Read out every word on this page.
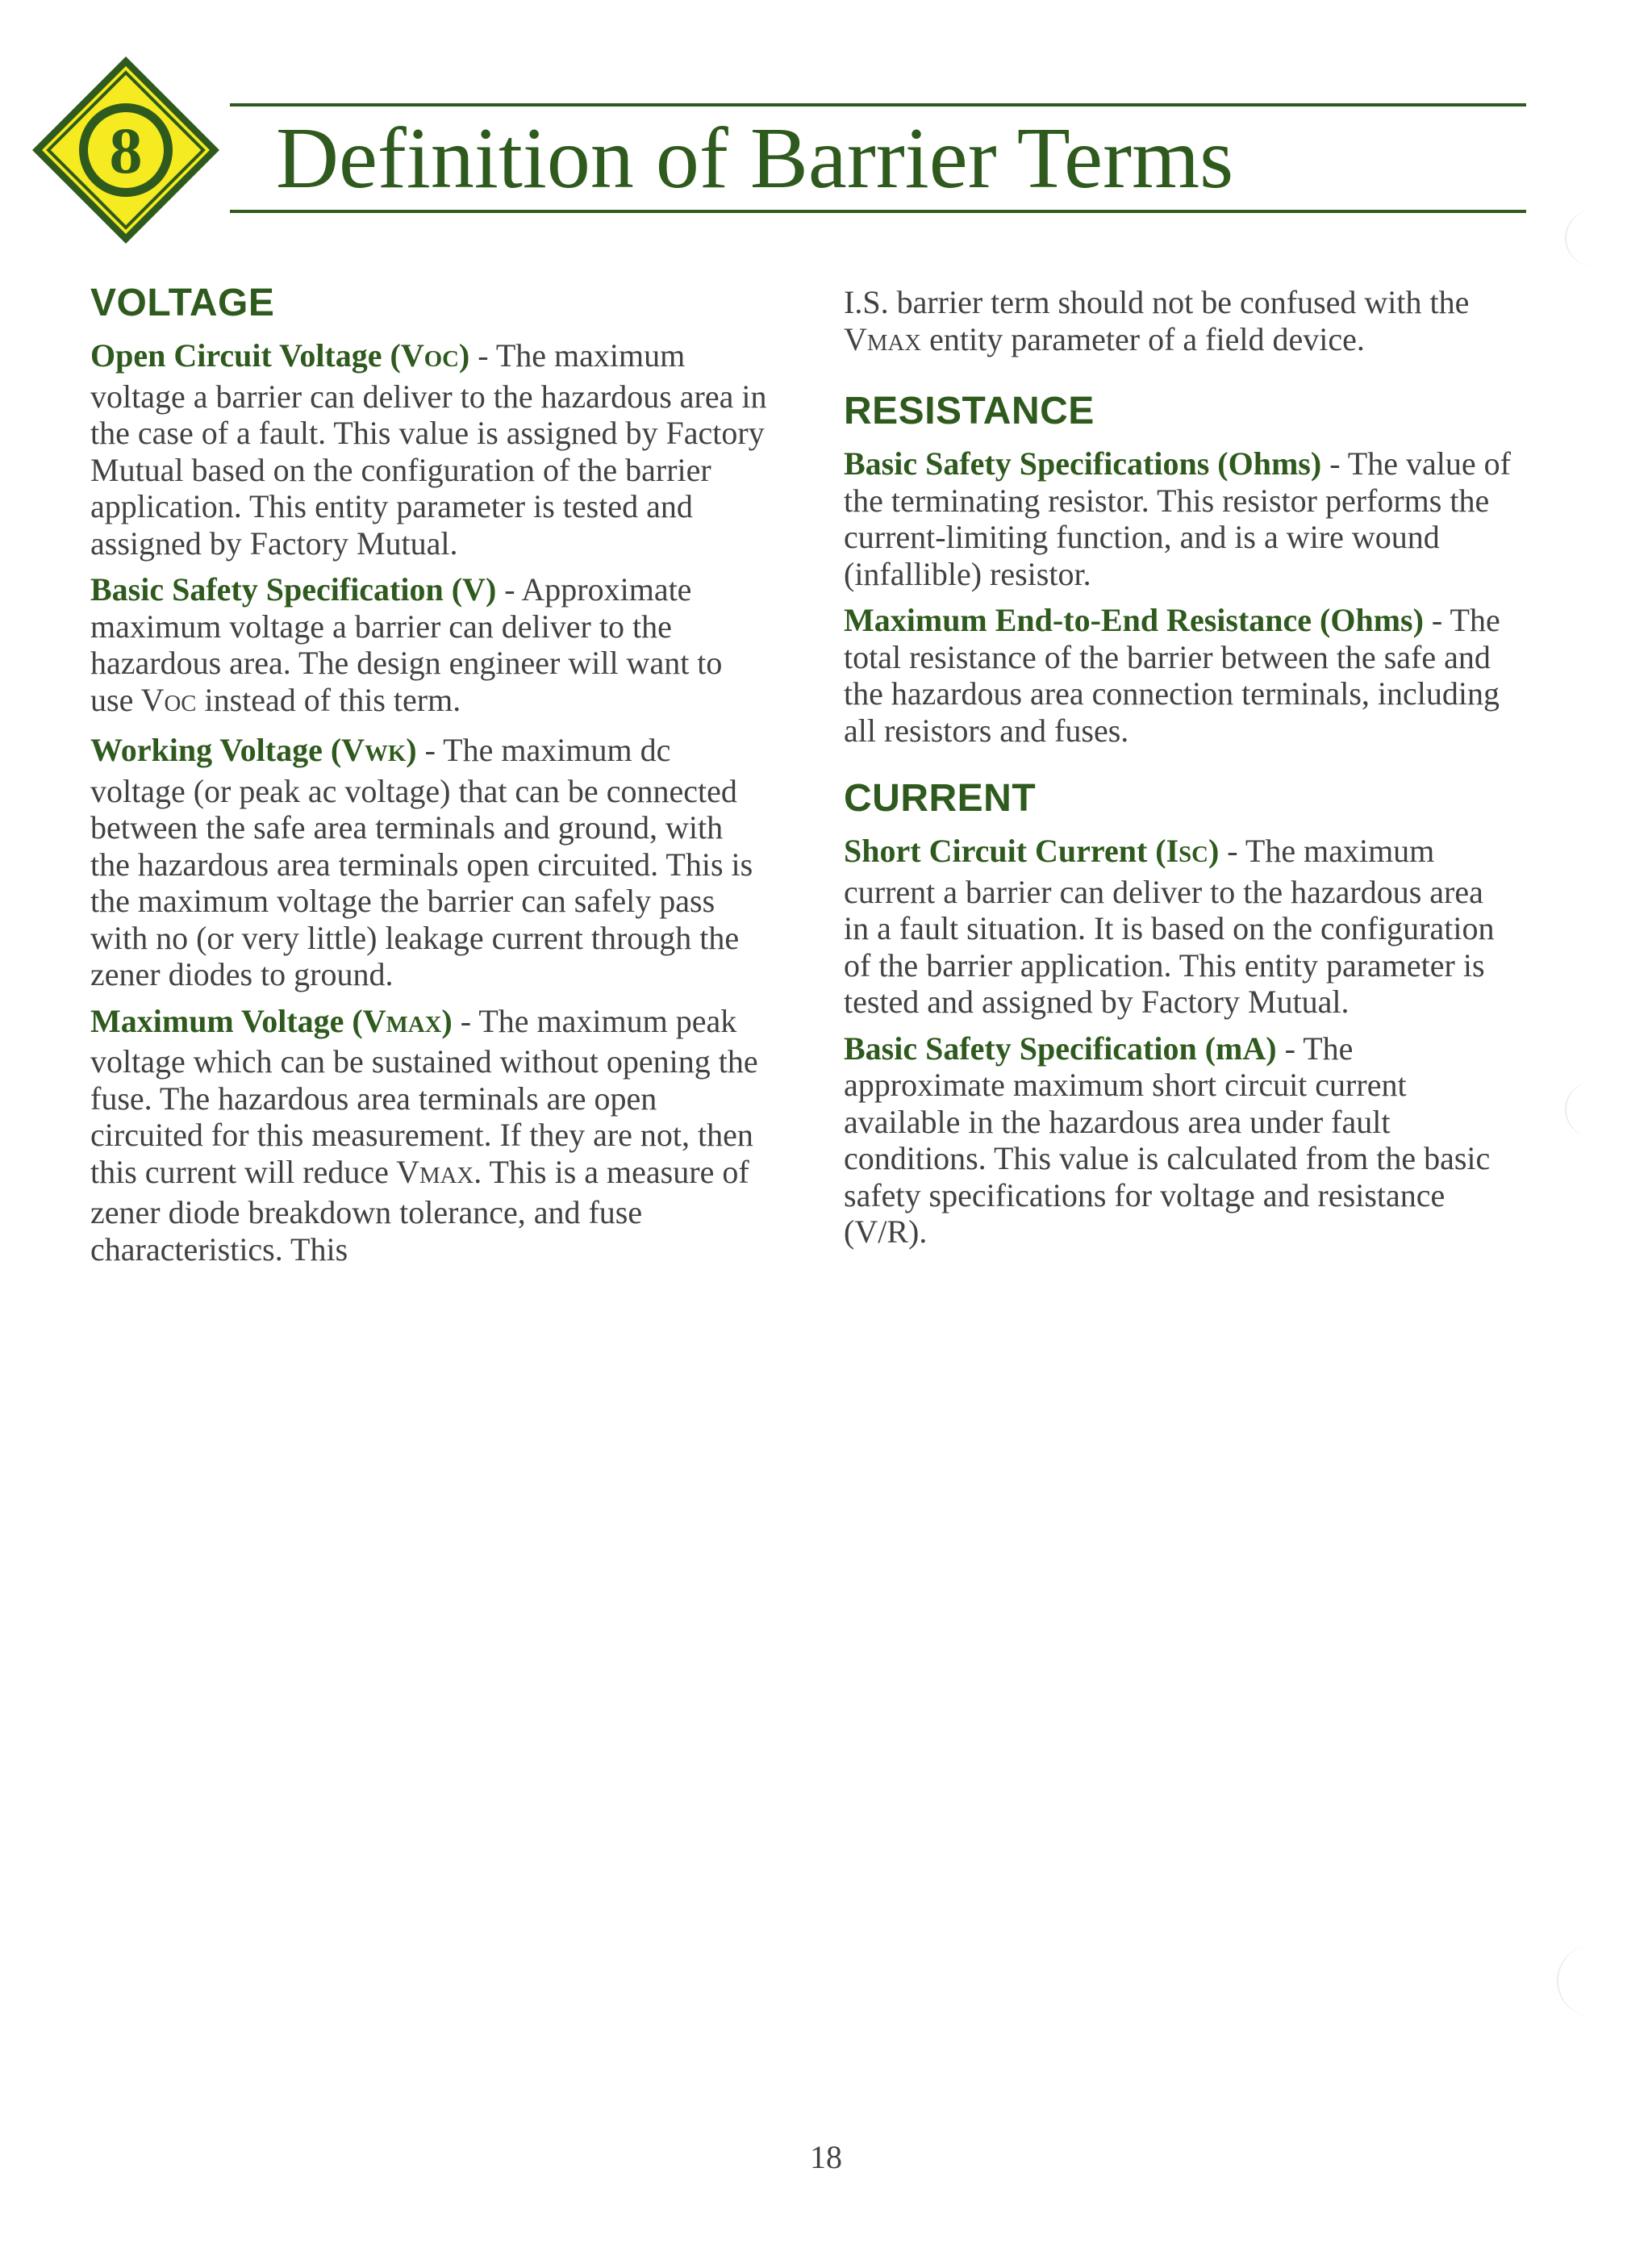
8 Definition of Barrier Terms
VOLTAGE

Open Circuit Voltage (VOC) - The maximum voltage a barrier can deliver to the hazardous area in the case of a fault. This value is assigned by Factory Mutual based on the configuration of the barrier application. This entity parameter is tested and assigned by Factory Mutual.

Basic Safety Specification (V) - Approximate maximum voltage a barrier can deliver to the hazardous area. The design engineer will want to use VOC instead of this term.

Working Voltage (VWK) - The maximum dc voltage (or peak ac voltage) that can be connected between the safe area terminals and ground, with the hazardous area terminals open circuited. This is the maximum voltage the barrier can safely pass with no (or very little) leakage current through the zener diodes to ground.

Maximum Voltage (VMAX) - The maximum peak voltage which can be sustained without opening the fuse. The hazardous area terminals are open circuited for this measurement. If they are not, then this current will reduce VMAX. This is a measure of zener diode breakdown tolerance, and fuse characteristics. This

I.S. barrier term should not be confused with the VMAX entity parameter of a field device.

RESISTANCE

Basic Safety Specifications (Ohms) - The value of the terminating resistor. This resistor performs the current-limiting function, and is a wire wound (infallible) resistor.

Maximum End-to-End Resistance (Ohms) - The total resistance of the barrier between the safe and the hazardous area connection terminals, including all resistors and fuses.

CURRENT

Short Circuit Current (ISC) - The maximum current a barrier can deliver to the hazardous area in a fault situation. It is based on the configuration of the barrier application. This entity parameter is tested and assigned by Factory Mutual.

Basic Safety Specification (mA) - The approximate maximum short circuit current available in the hazardous area under fault conditions. This value is calculated from the basic safety specifications for voltage and resistance (V/R).

18
